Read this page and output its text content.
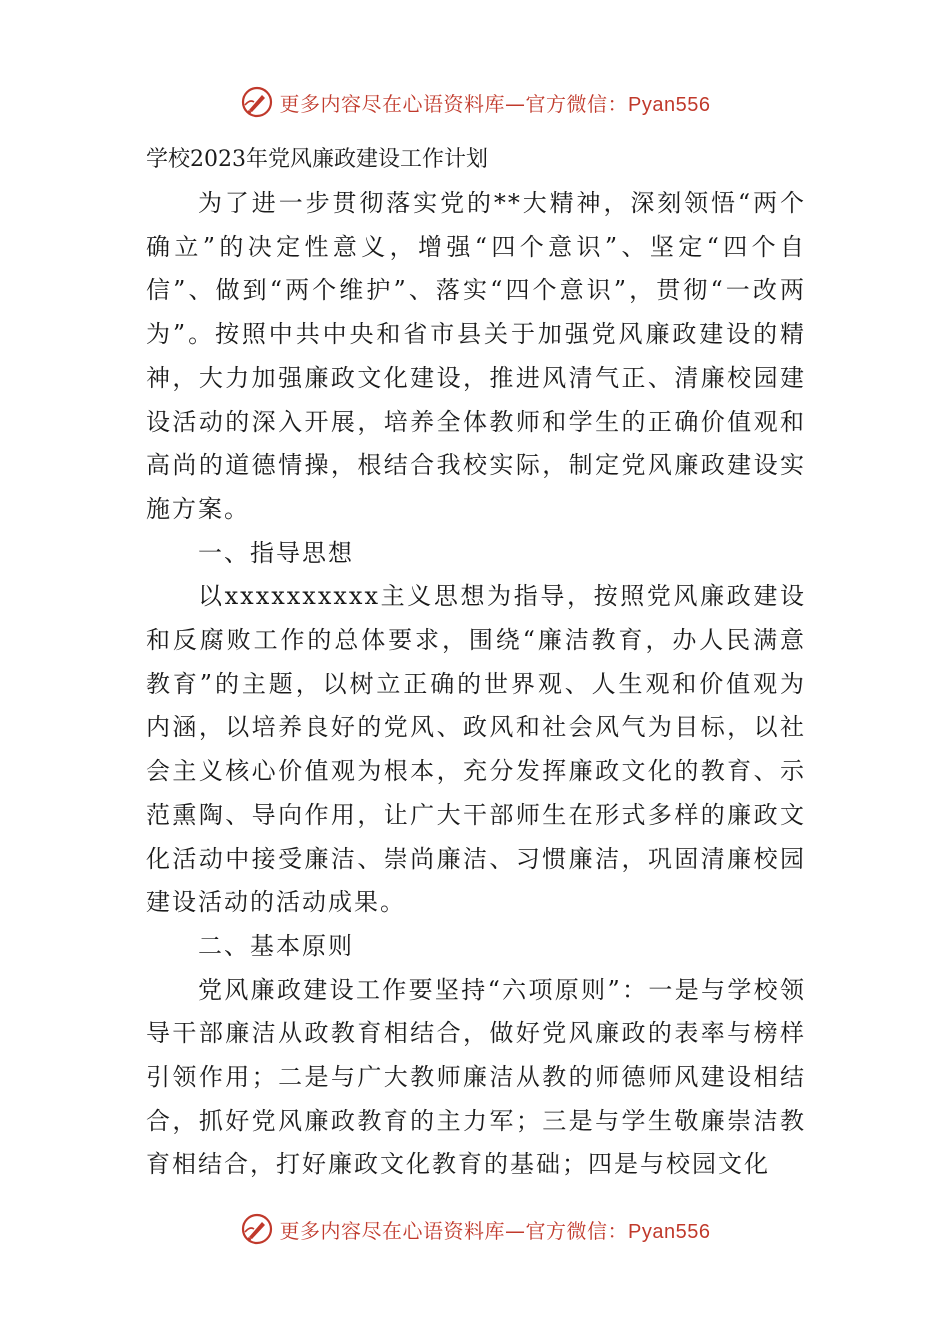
更多内容尽在心语资料库—官方微信：Pyan556

学校2023年党风廉政建设工作计划

为了进一步贯彻落实党的**大精神，深刻领悟“两个确立”的决定性意义，增强“四个意识”、坚定“四个自信”、做到“两个维护”、落实“四个意识”，贯彻“一改两为”。按照中共中央和省市县关于加强党风廉政建设的精神，大力加强廉政文化建设，推进风清气正、清廉校园建设活动的深入开展，培养全体教师和学生的正确价值观和高尚的道德情操，根结合我校实际，制定党风廉政建设实施方案。

一、指导思想

以xxxxxxxxxx主义思想为指导，按照党风廉政建设和反腐败工作的总体要求，围绕“廉洁教育，办人民满意教育”的主题，以树立正确的世界观、人生观和价值观为内涵，以培养良好的党风、政风和社会风气为目标，以社会主义核心价值观为根本，充分发挥廉政文化的教育、示范熏陶、导向作用，让广大干部师生在形式多样的廉政文化活动中接受廉洁、崇尚廉洁、习惯廉洁，巩固清廉校园建设活动的活动成果。

二、基本原则

党风廉政建设工作要坚持“六项原则”：一是与学校领导干部廉洁从政教育相结合，做好党风廉政的表率与榜样引领作用；二是与广大教师廉洁从教的师德师风建设相结合，抓好党风廉政教育的主力军；三是与学生敬廉崇洁教育相结合，打好廉政文化教育的基础；四是与校园文化

更多内容尽在心语资料库—官方微信：Pyan556
